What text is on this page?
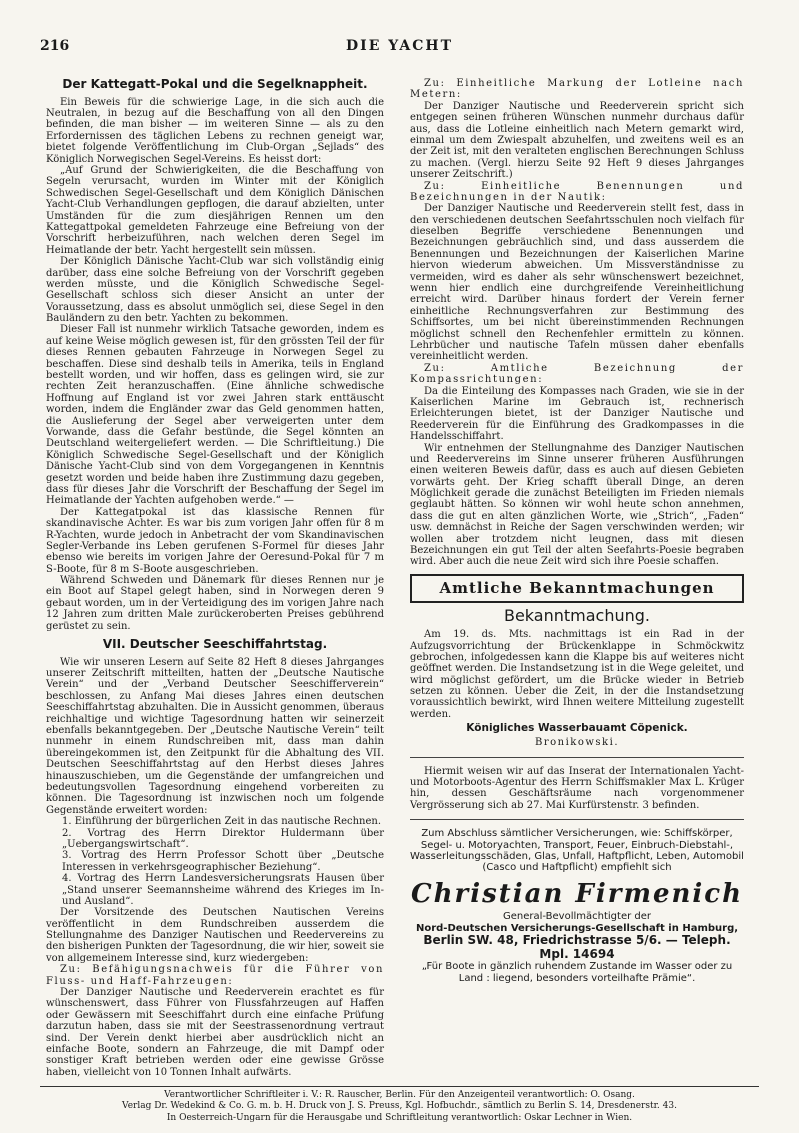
216	DIE YACHT
Der Kattegatt-Pokal und die Segelknappheit.

Ein Beweis für die schwierige Lage, in die sich auch die Neutralen, in bezug auf die Beschaffung von all den Dingen befinden, die man bisher — im weiteren Sinne — als zu den Erfordernissen des täglichen Lebens zu rechnen geneigt war, bietet folgende Veröffentlichung im Club-Organ „Sejlads“ des Königlich Norwegischen Segel-Vereins. Es heisst dort:

„Auf Grund der Schwierigkeiten, die die Beschaffung von Segeln verursacht, wurden im Winter mit der Königlich Schwedischen Segel-Gesellschaft und dem Königlich Dänischen Yacht-Club Verhandlungen gepflogen, die darauf abzielten, unter Umständen für die zum diesjährigen Rennen um den Kattegattpokal gemeldeten Fahrzeuge eine Befreiung von der Vorschrift herbeizuführen, nach welchen deren Segel im Heimatlande der betr. Yacht hergestellt sein müssen.

Der Königlich Dänische Yacht-Club war sich vollständig einig darüber, dass eine solche Befreiung von der Vorschrift gegeben werden müsste, und die Königlich Schwedische Segel-Gesellschaft schloss sich dieser Ansicht an unter der Voraussetzung, dass es absolut unmöglich sei, diese Segel in den Bauländern zu den betr. Yachten zu bekommen.

Dieser Fall ist nunmehr wirklich Tatsache geworden, indem es auf keine Weise möglich gewesen ist, für den grössten Teil der für dieses Rennen gebauten Fahrzeuge in Norwegen Segel zu beschaffen. Diese sind deshalb teils in Amerika, teils in England bestellt worden, und wir hoffen, dass es gelingen wird, sie zur rechten Zeit heranzuschaffen. (Eine ähnliche schwedische Hoffnung auf England ist vor zwei Jahren stark enttäuscht worden, indem die Engländer zwar das Geld genommen hatten, die Auslieferung der Segel aber verweigerten unter dem Vorwande, dass die Gefahr bestünde, die Segel könnten an Deutschland weitergeliefert werden. — Die Schriftleitung.) Die Königlich Schwedische Segel-Gesellschaft und der Königlich Dänische Yacht-Club sind von dem Vorgegangenen in Kenntnis gesetzt worden und beide haben ihre Zustimmung dazu gegeben, dass für dieses Jahr die Vorschrift der Beschaffung der Segel im Heimatlande der Yachten aufgehoben werde.“ —

Der Kattegatpokal ist das klassische Rennen für skandinavische Achter. Es war bis zum vorigen Jahr offen für 8 m R-Yachten, wurde jedoch in Anbetracht der vom Skandinavischen Segler-Verbande ins Leben gerufenen S-Formel für dieses Jahr ebenso wie bereits im vorigen Jahre der Oeresund-Pokal für 7 m S-Boote, für 8 m S-Boote ausgeschrieben.

Während Schweden und Dänemark für dieses Rennen nur je ein Boot auf Stapel gelegt haben, sind in Norwegen deren 9 gebaut worden, um in der Verteidigung des im vorigen Jahre nach 12 Jahren zum dritten Male zurückeroberten Preises gebührend gerüstet zu sein.

VII. Deutscher Seeschiffahrtstag.

Wie wir unseren Lesern auf Seite 82 Heft 8 dieses Jahrganges unserer Zeitschrift mitteilten, hatten der „Deutsche Nautische Verein“ und der „Verband Deutscher Seeschifferverein“ beschlossen, zu Anfang Mai dieses Jahres einen deutschen Seeschiffahrtstag abzuhalten. Die in Aussicht genommen, überaus reichhaltige und wichtige Tagesordnung hatten wir seinerzeit ebenfalls bekanntgegeben. Der „Deutsche Nautische Verein“ teilt nunmehr in einem Rundschreiben mit, dass man dahin übereingekommen ist, den Zeitpunkt für die Abhaltung des VII. Deutschen Seeschiffahrtstag auf den Herbst dieses Jahres hinauszuschieben, um die Gegenstände der umfangreichen und bedeutungsvollen Tagesordnung eingehend vorbereiten zu können. Die Tagesordnung ist inzwischen noch um folgende Gegenstände erweitert worden:

1. Einführung der bürgerlichen Zeit in das nautische Rechnen.
2. Vortrag des Herrn Direktor Huldermann über „Uebergangswirtschaft“.
3. Vortrag des Herrn Professor Schott über „Deutsche Interessen in verkehrsgeographischer Beziehung“.
4. Vortrag des Herrn Landesversicherungsrats Hausen über „Stand unserer Seemannsheime während des Krieges im In- und Ausland“.

Der Vorsitzende des Deutschen Nautischen Vereins veröffentlicht in dem Rundschreiben ausserdem die Stellungnahme des Danziger Nautischen und Reedervereins zu den bisherigen Punkten der Tagesordnung, die wir hier, soweit sie von allgemeinem Interesse sind, kurz wiedergeben:

Zu: Befähigungsnachweis für die Führer von Fluss- und Haff-Fahrzeugen:

Der Danziger Nautische und Reederverein erachtet es für wünschenswert, dass Führer von Flussfahrzeugen auf Haffen oder Gewässern mit Seeschiffahrt durch eine einfache Prüfung darzutun haben, dass sie mit der Seestrassenordnung vertraut sind. Der Verein denkt hierbei aber ausdrücklich nicht an einfache Boote, sondern an Fahrzeuge, die mit Dampf oder sonstiger Kraft betrieben werden oder eine gewisse Grösse haben, vielleicht von 10 Tonnen Inhalt aufwärts.

Zu: Einheitliche Markung der Lotleine nach Metern:

Der Danziger Nautische und Reederverein spricht sich entgegen seinen früheren Wünschen nunmehr durchaus dafür aus, dass die Lotleine einheitlich nach Metern gemarkt wird, einmal um dem Zwiespalt abzuhelfen, und zweitens weil es an der Zeit ist, mit den veralteten englischen Berechnungen Schluss zu machen. (Vergl. hierzu Seite 92 Heft 9 dieses Jahrganges unserer Zeitschrift.)

Zu: Einheitliche Benennungen und Bezeichnungen in der Nautik:

Der Danziger Nautische und Reederverein stellt fest, dass in den verschiedenen deutschen Seefahrtsschulen noch vielfach für dieselben Begriffe verschiedene Benennungen und Bezeichnungen gebräuchlich sind, und dass ausserdem die Benennungen und Bezeichnungen der Kaiserlichen Marine hiervon wiederum abweichen. Um Missverständnisse zu vermeiden, wird es daher als sehr wünschenswert bezeichnet, wenn hier endlich eine durchgreifende Vereinheitlichung erreicht wird. Darüber hinaus fordert der Verein ferner einheitliche Rechnungsverfahren zur Bestimmung des Schiffsortes, um bei nicht übereinstimmenden Rechnungen möglichst schnell den Rechenfehler ermitteln zu können. Lehrbücher und nautische Tafeln müssen daher ebenfalls vereinheitlicht werden.

Zu: Amtliche Bezeichnung der Kompassrichtungen:

Da die Einteilung des Kompasses nach Graden, wie sie in der Kaiserlichen Marine im Gebrauch ist, rechnerisch Erleichterungen bietet, ist der Danziger Nautische und Reederverein für die Einführung des Gradkompasses in die Handelsschiffahrt.

Wir entnehmen der Stellungnahme des Danziger Nautischen und Reedervereins im Sinne unserer früheren Ausführungen einen weiteren Beweis dafür, dass es auch auf diesen Gebieten vorwärts geht. Der Krieg schafft überall Dinge, an deren Möglichkeit gerade die zunächst Beteiligten im Frieden niemals geglaubt hätten. So können wir wohl heute schon annehmen, dass die gut en alten gänzlichen Worte, wie „Strich“, „Faden“ usw. demnächst in Reiche der Sagen verschwinden werden; wir wollen aber trotzdem nicht leugnen, dass mit diesen Bezeichnungen ein gut Teil der alten Seefahrts-Poesie begraben wird. Aber auch die neue Zeit wird sich ihre Poesie schaffen.

Amtliche Bekanntmachungen
Bekanntmachung.

Am 19. ds. Mts. nachmittags ist ein Rad in der Aufzugsvorrichtung der Brückenklappe in Schmöckwitz gebrochen, infolgedessen kann die Klappe bis auf weiteres nicht geöffnet werden. Die Instandsetzung ist in die Wege geleitet, und wird möglichst gefördert, um die Brücke wieder in Betrieb setzen zu können. Ueber die Zeit, in der die Instandsetzung voraussichtlich bewirkt, wird Ihnen weitere Mitteilung zugestellt werden.

Königliches Wasserbauamt Cöpenick.
Bronikowski.

Hiermit weisen wir auf das Inserat der Internationalen Yacht- und Motorboots-Agentur des Herrn Schiffsmakler Max L. Krüger hin, dessen Geschäftsräume nach vorgenommener Vergrösserung sich ab 27. Mai Kurfürstenstr. 3 befinden.

Zum Abschluss sämtlicher Versicherungen, wie: Schiffskörper, Segel- u. Motoryachten, Transport, Feuer, Einbruch-Diebstahl-, Wasserleitungsschäden, Glas, Unfall, Haftpflicht, Leben, Automobil (Casco und Haftpflicht) empfiehlt sich
Christian Firmenich
General-Bevollmächtigter der
Nord-Deutschen Versicherungs-Gesellschaft in Hamburg,
Berlin SW. 48, Friedrichstrasse 5/6. — Teleph. Mpl. 14694
„Für Boote in gänzlich ruhendem Zustande im Wasser oder zu Land : liegend, besonders vorteilhafte Prämie“.
Verantwortlicher Schriftleiter i. V.: R. Rauscher, Berlin. Für den Anzeigenteil verantwortlich: O. Osang.
Verlag Dr. Wedekind & Co. G. m. b. H. Druck von J. S. Preuss, Kgl. Hofbuchdr., sämtlich zu Berlin S. 14, Dresdenerstr. 43.
In Oesterreich-Ungarn für die Herausgabe und Schriftleitung verantwortlich: Oskar Lechner in Wien.
